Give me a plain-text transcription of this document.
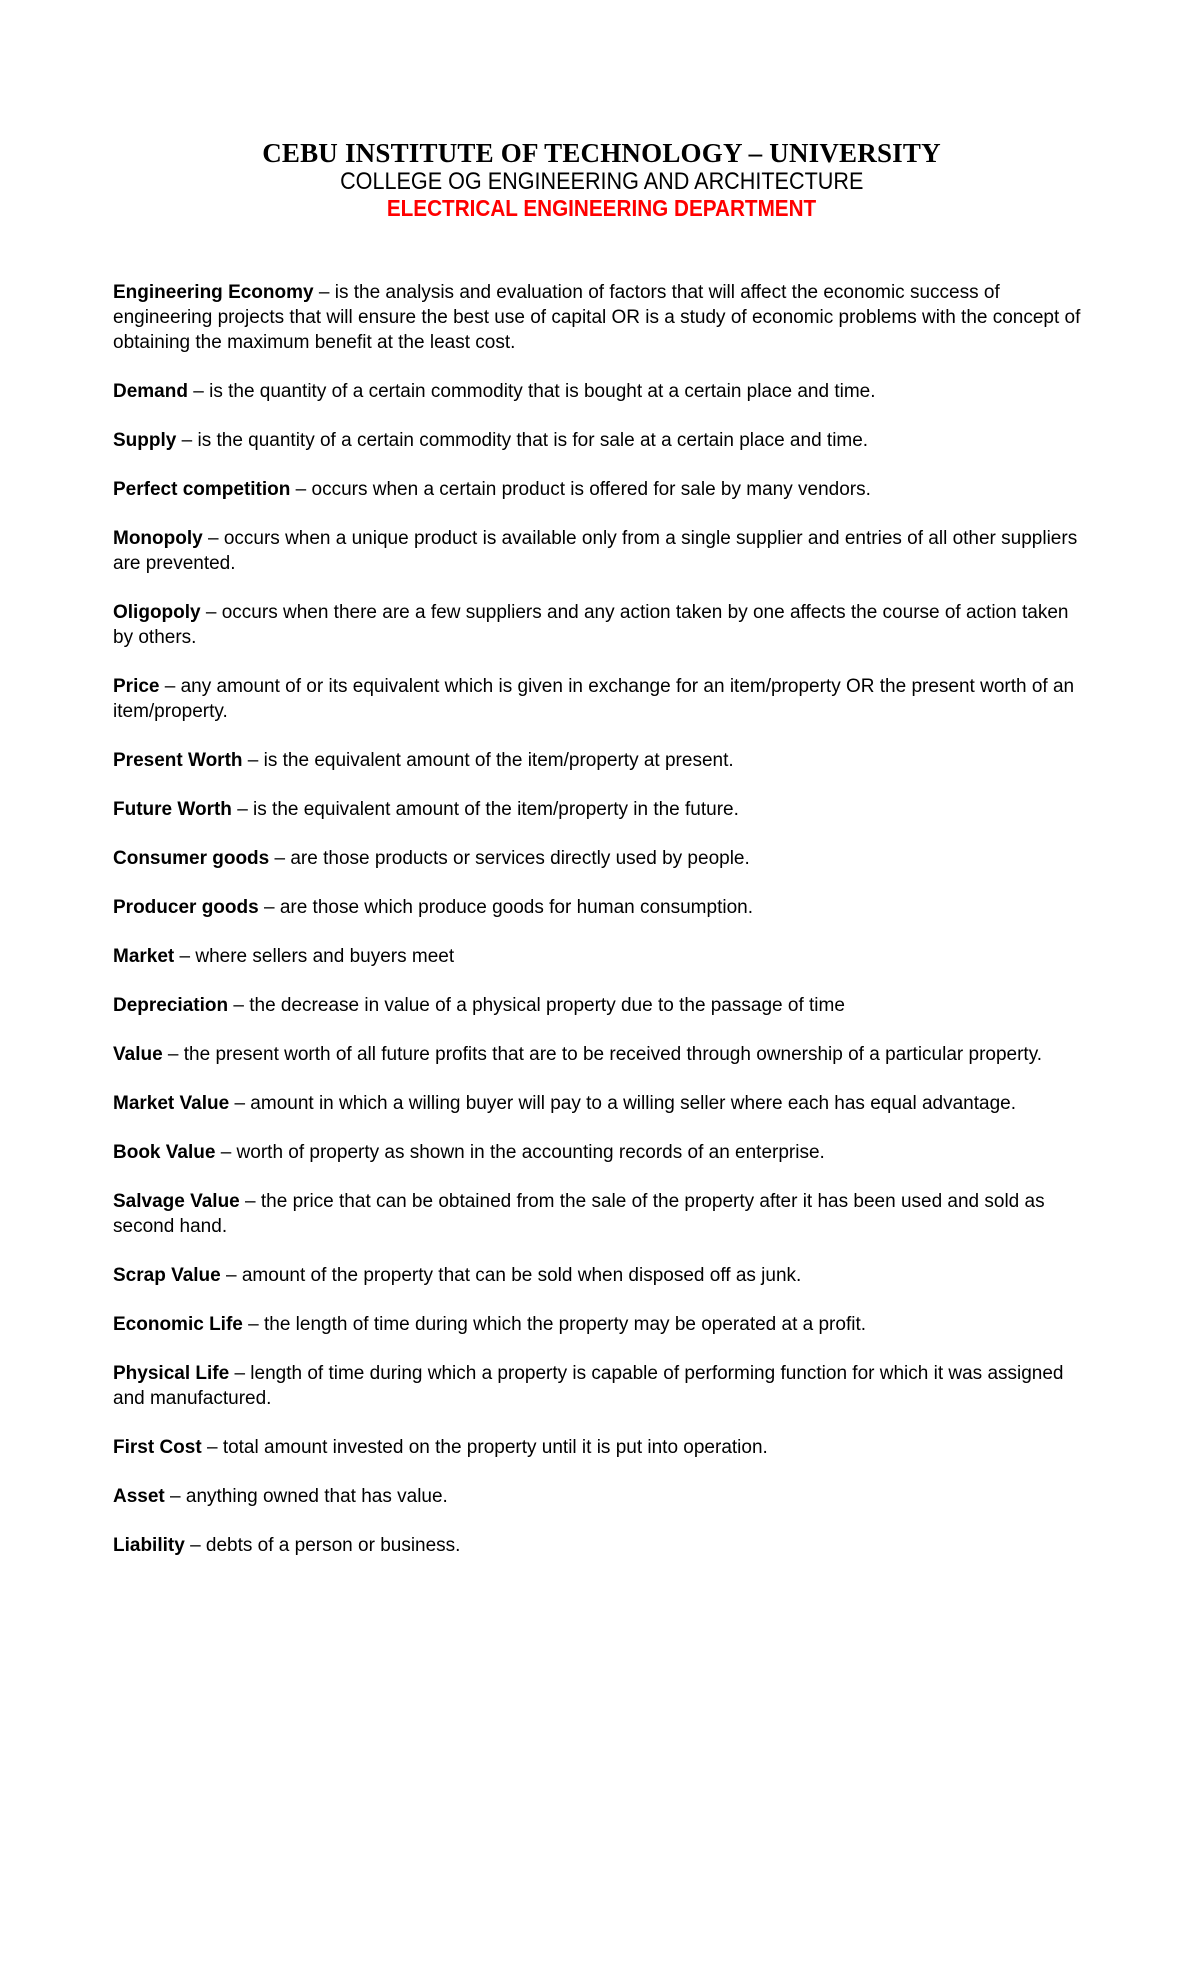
CEBU INSTITUTE OF TECHNOLOGY – UNIVERSITY
COLLEGE OG ENGINEERING AND ARCHITECTURE
ELECTRICAL ENGINEERING DEPARTMENT

Engineering Economy – is the analysis and evaluation of factors that will affect the economic success of engineering projects that will ensure the best use of capital OR is a study of economic problems with the concept of obtaining the maximum benefit at the least cost.

Demand – is the quantity of a certain commodity that is bought at a certain place and time.

Supply – is the quantity of a certain commodity that is for sale at a certain place and time.

Perfect competition – occurs when a certain product is offered for sale by many vendors.

Monopoly – occurs when a unique product is available only from a single supplier and entries of all other suppliers are prevented.

Oligopoly – occurs when there are a few suppliers and any action taken by one affects the course of action taken by others.

Price – any amount of or its equivalent which is given in exchange for an item/property OR the present worth of an item/property.

Present Worth – is the equivalent amount of the item/property at present.

Future Worth – is the equivalent amount of the item/property in the future.

Consumer goods – are those products or services directly used by people.

Producer goods – are those which produce goods for human consumption.

Market – where sellers and buyers meet

Depreciation – the decrease in value of a physical property due to the passage of time

Value – the present worth of all future profits that are to be received through ownership of a particular property.

Market Value – amount in which a willing buyer will pay to a willing seller where each has equal advantage.

Book Value – worth of property as shown in the accounting records of an enterprise.

Salvage Value – the price that can be obtained from the sale of the property after it has been used and sold as second hand.

Scrap Value – amount of the property that can be sold when disposed off as junk.

Economic Life – the length of time during which the property may be operated at a profit.

Physical Life – length of time during which a property is capable of performing function for which it was assigned and manufactured.

First Cost – total amount invested on the property until it is put into operation.

Asset – anything owned that has value.

Liability – debts of a person or business.
